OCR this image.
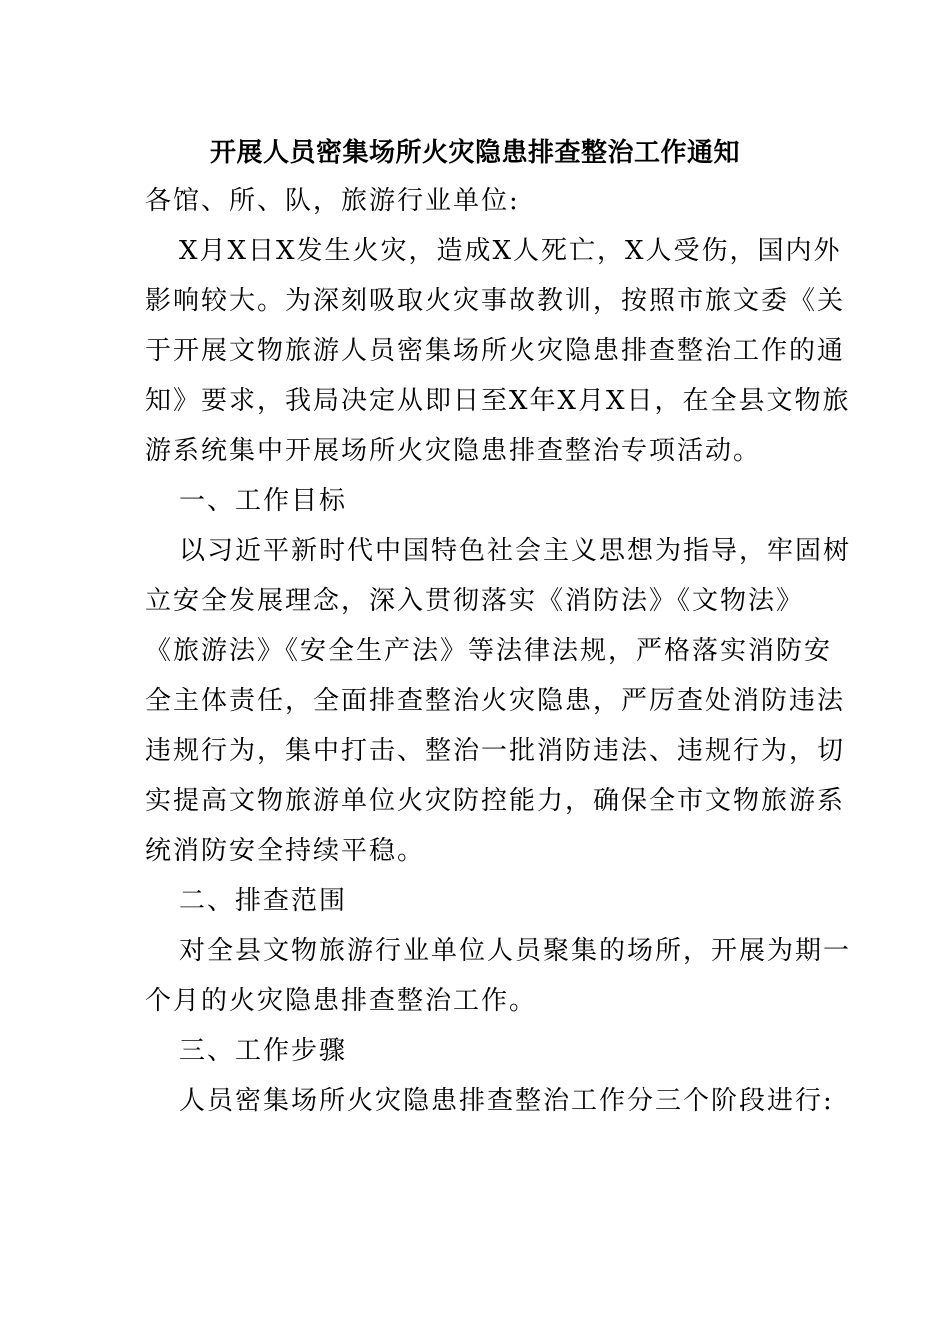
开展人员密集场所火灾隐患排查整治工作通知
各馆、所、队，旅游行业单位:
X月X日X发生火灾，造成X人死亡，X人受伤，国内外
影响较大。为深刻吸取火灾事故教训，按照市旅文委《关
于开展文物旅游人员密集场所火灾隐患排查整治工作的通
知》要求，我局决定从即日至X年X月X日，在全县文物旅
游系统集中开展场所火灾隐患排查整治专项活动。
一、工作目标
以习近平新时代中国特色社会主义思想为指导，牢固树
立安全发展理念，深入贯彻落实《消防法》《文物法》
《旅游法》《安全生产法》等法律法规，严格落实消防安
全主体责任，全面排查整治火灾隐患，严厉查处消防违法
违规行为，集中打击、整治一批消防违法、违规行为，切
实提高文物旅游单位火灾防控能力，确保全市文物旅游系
统消防安全持续平稳。
二、排查范围
对全县文物旅游行业单位人员聚集的场所，开展为期一
个月的火灾隐患排查整治工作。
三、工作步骤
人员密集场所火灾隐患排查整治工作分三个阶段进行:
